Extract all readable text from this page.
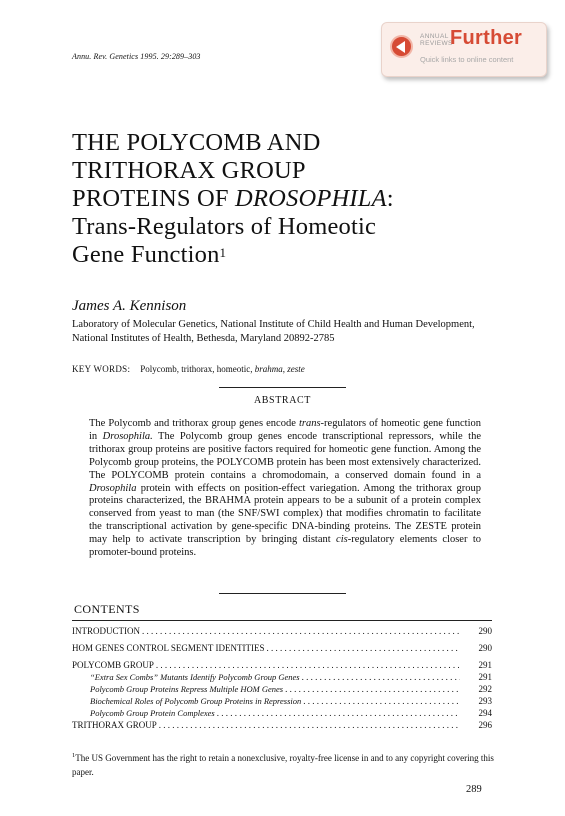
Annu. Rev. Genetics 1995. 29:289–303
ANNUAL
REVIEWS
Further
Quick links to online content
THE POLYCOMB AND
TRITHORAX GROUP
PROTEINS OF DROSOPHILA:
Trans-Regulators of Homeotic
Gene Function$^1$
James A. Kennison
Laboratory of Molecular Genetics, National Institute of Child Health and Human Development, National Institutes of Health, Bethesda, Maryland 20892-2785
KEY WORDS: Polycomb, trithorax, homeotic, brahma, zeste
ABSTRACT
The Polycomb and trithorax group genes encode trans-regulators of homeotic gene function in Drosophila. The Polycomb group genes encode transcriptional repressors, while the trithorax group proteins are positive factors required for homeotic gene function. Among the Polycomb group proteins, the POLYCOMB protein has been most extensively characterized. The POLYCOMB protein contains a chromodomain, a conserved domain found in a Drosophila protein with effects on position-effect variegation. Among the trithorax group proteins characterized, the BRAHMA protein appears to be a subunit of a protein complex conserved from yeast to man (the SNF/SWI complex) that modifies chromatin to facilitate the transcriptional activation by gene-specific DNA-binding proteins. The ZESTE protein may help to activate transcription by bringing distant cis-regulatory elements closer to promoter-bound proteins.
CONTENTS
INTRODUCTION . . .	290
HOM GENES CONTROL SEGMENT IDENTITIES . . .	290
POLYCOMB GROUP . . .	291
“Extra Sex Combs” Mutants Identify Polycomb Group Genes . . .	291
Polycomb Group Proteins Repress Multiple HOM Genes . . .	292
Biochemical Roles of Polycomb Group Proteins in Repression . . .	293
Polycomb Group Protein Complexes . . .	294
TRITHORAX GROUP . . .	296
$^1$The US Government has the right to retain a nonexclusive, royalty-free license in and to any copyright covering this paper.
289
